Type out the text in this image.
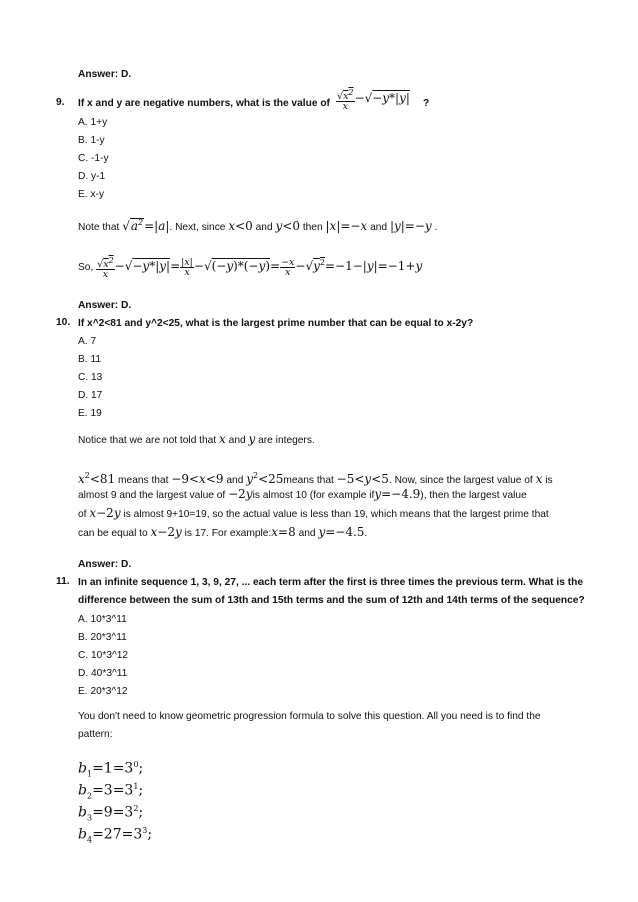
Answer: D.
9. If x and y are negative numbers, what is the value of $\frac{√x^2}{x} -√-y*|y|$ ?
A. 1+y
B. 1-y
C. -1-y
D. y-1
E. x-y
Note that $√a^2=|a|$. Next, since x<0 and y<0 then |x|=−x and |y|=−y .
So, $\frac{√x^2}{x} -√-y*|y|= \frac{|x|}{x} -√(-y)*(-y)= \frac{-x}{x} -√y^2=-1-|y|=-1+y$
Answer: D.
10. If x^2<81 and y^2<25, what is the largest prime number that can be equal to x-2y?
A. 7
B. 11
C. 13
D. 17
E. 19
Notice that we are not told that x and y are integers.
$x^2<81$ means that −9<x<9 and $y^2<25means$ that −5<y<5. Now, since the largest value of x is
almost 9 and the largest value of −2yis almost 10 (for example ify=−4.9), then the largest value
of x−2y is almost 9+10=19, so the actual value is less than 19, which means that the largest prime that
can be equal to x−2y is 17. For example:x=8 and y=−4.5.
Answer: D.
11. In an infinite sequence 1, 3, 9, 27, ... each term after the first is three times the previous term. What is the
difference between the sum of 13th and 15th terms and the sum of 12th and 14th terms of the sequence?
A. 10*3^11
B. 20*3^11
C. 10*3^12
D. 40*3^11
E. 20*3^12
You don't need to know geometric progression formula to solve this question. All you need is to find the
pattern:
$b_1=1=3^0$;
$b_2=3=3^1$;
$b_3=9=3^2$;
$b_4=27=3^3$;
